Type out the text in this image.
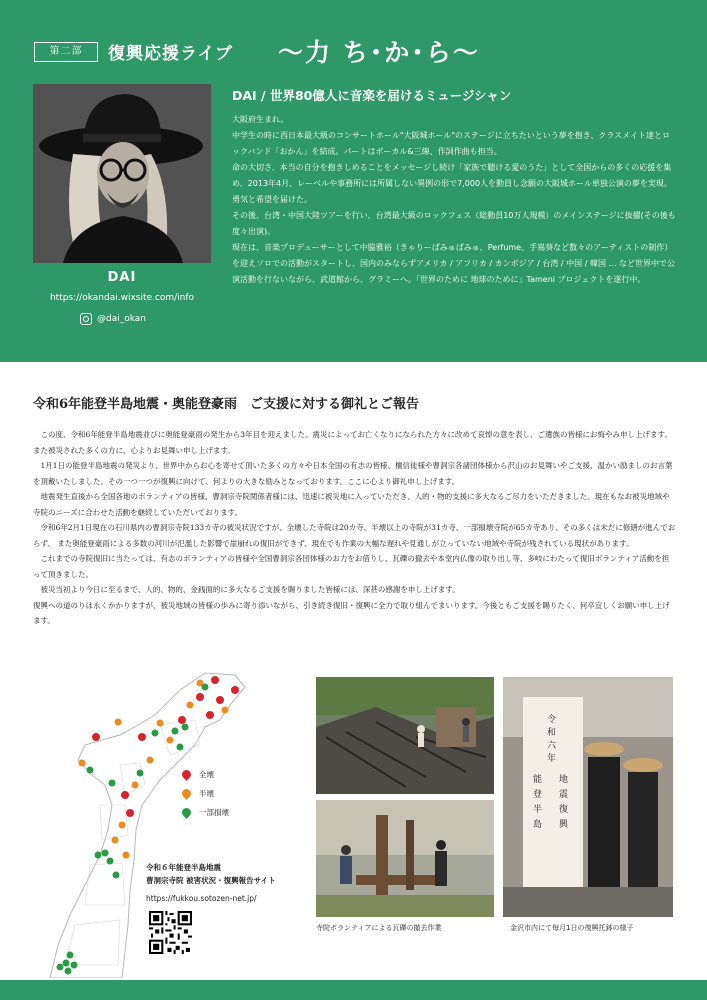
第二部	復興応援ライブ 〜力 ち･か･ら〜
DAI
https://okandai.wixsite.com/info
@dai_okan
DAI / 世界80億人に音楽を届けるミュージシャン

大阪府生まれ。

中学生の時に西日本最大級のコンサートホール"大阪城ホール"のステージに立ちたいという夢を抱き、クラスメイト達とロックバンド「おかん」を結成。パートはボーカル&三線、作詞作曲も担当。

命の大切さ、本当の自分を抱きしめることをメッセージし続け「家族で聴ける愛のうた」として全国からの多くの応援を集め、2013年4月、レーベルや事務所には所属しない異例の形で7,000人を動員し念願の大阪城ホール単独公演の夢を実現。勇気と希望を届けた。

その後、台湾・中国大陸ツアーを行い、台湾最大級のロックフェス（総動員10万人規模）のメインステージに抜擢(その後も度々出演)。

現在は、音楽プロデューサーとして中脇雅裕（きゃりーぱみゅぱみゅ、Perfume、手嶌葵など数々のアーティストの制作）を迎えソロでの活動がスタートし、国内のみならずアメリカ / アフリカ / カンボジア / 台湾 / 中国 / 韓国 … など世界中で公演活動を行ないながら、武道館から、グラミーへ。「世界のために 地球のために」Tameni プロジェクトを遂行中。

令和6年能登半島地震・奥能登豪雨　ご支援に対する御礼とご報告

　この度、令和6年能登半島地震並びに奥能登豪雨の発生から3年目を迎えました。震災によってお亡くなりになられた方々に改めて哀悼の意を表し、ご遺族の皆様にお悔やみ申し上げます。また被災された多くの方に、心よりお見舞い申し上げます。

　1月1日の能登半島地震の発災より、世界中からお心を寄せて頂いた多くの方々や日本全国の有志の皆様、檀信徒様や曹洞宗各諸団体様から沢山のお見舞いやご支援、温かい励ましのお言葉を頂戴いたしました。その一つ一つが復興に向けて、何よりの大きな励みとなっております。ここに心より御礼申し上げます。

　地震発生直後から全国各地のボランティアの皆様、曹洞宗寺院関係者様には、迅速に被災地に入っていただき、人的・物的支援に多大なるご尽力をいただきました。現在もなお被災地域や寺院のニーズに合わせた活動を継続していただいております。

　令和6年2月1日現在の石川県内の曹洞宗寺院133カ寺の被災状況ですが、全壊した寺院は20カ寺、半壊以上の寺院が31カ寺、一部損壊寺院が65カ寺あり、その多くは未だに修繕が進んでおらず、 また奥能登豪雨による多数の河川が氾濫した影響で崖崩れの復旧ができず、現在でも作業の大幅な遅れや見通しが立っていない地域や寺院が残されている現状があります。

　これまでの寺院復旧に当たっては、有志のボランティアの皆様や全国曹洞宗各団体様のお力をお借りし、瓦礫の撤去や本堂内仏像の取り出し等、多岐にわたって復旧ボランティア活動を担って頂きました。

　被災当初より今日に至るまで、人的、物的、金銭面的に多大なるご支援を賜りました皆様には、深甚の感謝を申し上げます。

復興への道のりは永くかかりますが、被災地域の皆様の歩みに寄り添いながら、引き続き復旧・復興に全力で取り組んでまいります。今後ともご支援を賜りたく、何卒宜しくお願い申し上げます。

全壊
半壊
一部損壊
令和６年能登半島地震
曹洞宗寺院 被害状況・復興報告サイト
https://fukkou.sotozen-net.jp/
令
和
六
年
能
登
半
島
地
震
復
興
寺院ボランティアによる瓦礫の撤去作業	金沢市内にて毎月1日の復興托鉢の様子
